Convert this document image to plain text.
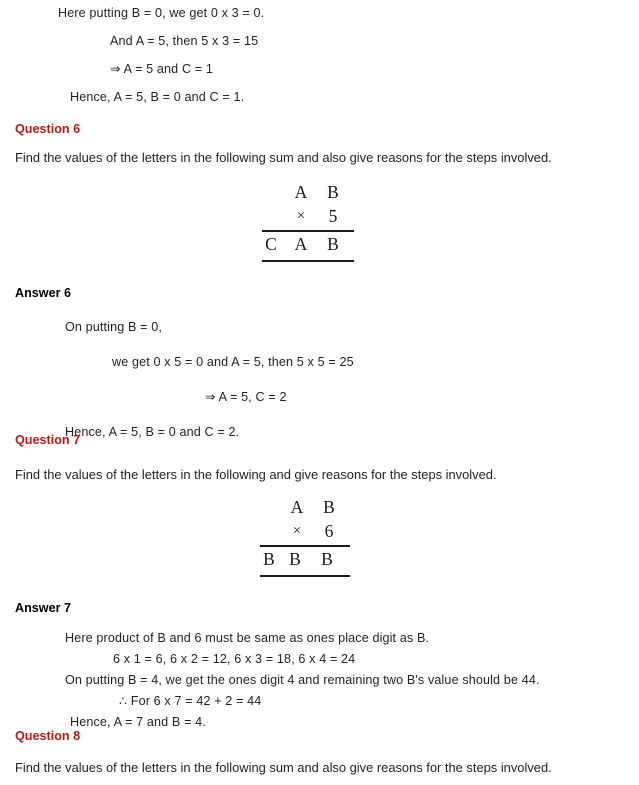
Here putting B = 0, we get 0 x 3 = 0.
And A = 5, then 5 x 3 = 15
⇒ A = 5 and C = 1
Hence, A = 5, B = 0 and C = 1.
Question 6
Find the values of the letters in the following sum and also give reasons for the steps involved.
A B
× 5
C A B
Answer 6
On putting B = 0,
we get 0 x 5 = 0 and A = 5, then 5 x 5 = 25
⇒ A = 5, C = 2
Hence, A = 5, B = 0 and C = 2.
Question 7
Find the values of the letters in the following and give reasons for the steps involved.
A B
× 6
B B B
Answer 7
Here product of B and 6 must be same as ones place digit as B.
6 x 1 = 6, 6 x 2 = 12, 6 x 3 = 18, 6 x 4 = 24
On putting B = 4, we get the ones digit 4 and remaining two B's value should be 44.
∴ For 6 x 7 = 42 + 2 = 44
Hence, A = 7 and B = 4.
Question 8
Find the values of the letters in the following sum and also give reasons for the steps involved.
